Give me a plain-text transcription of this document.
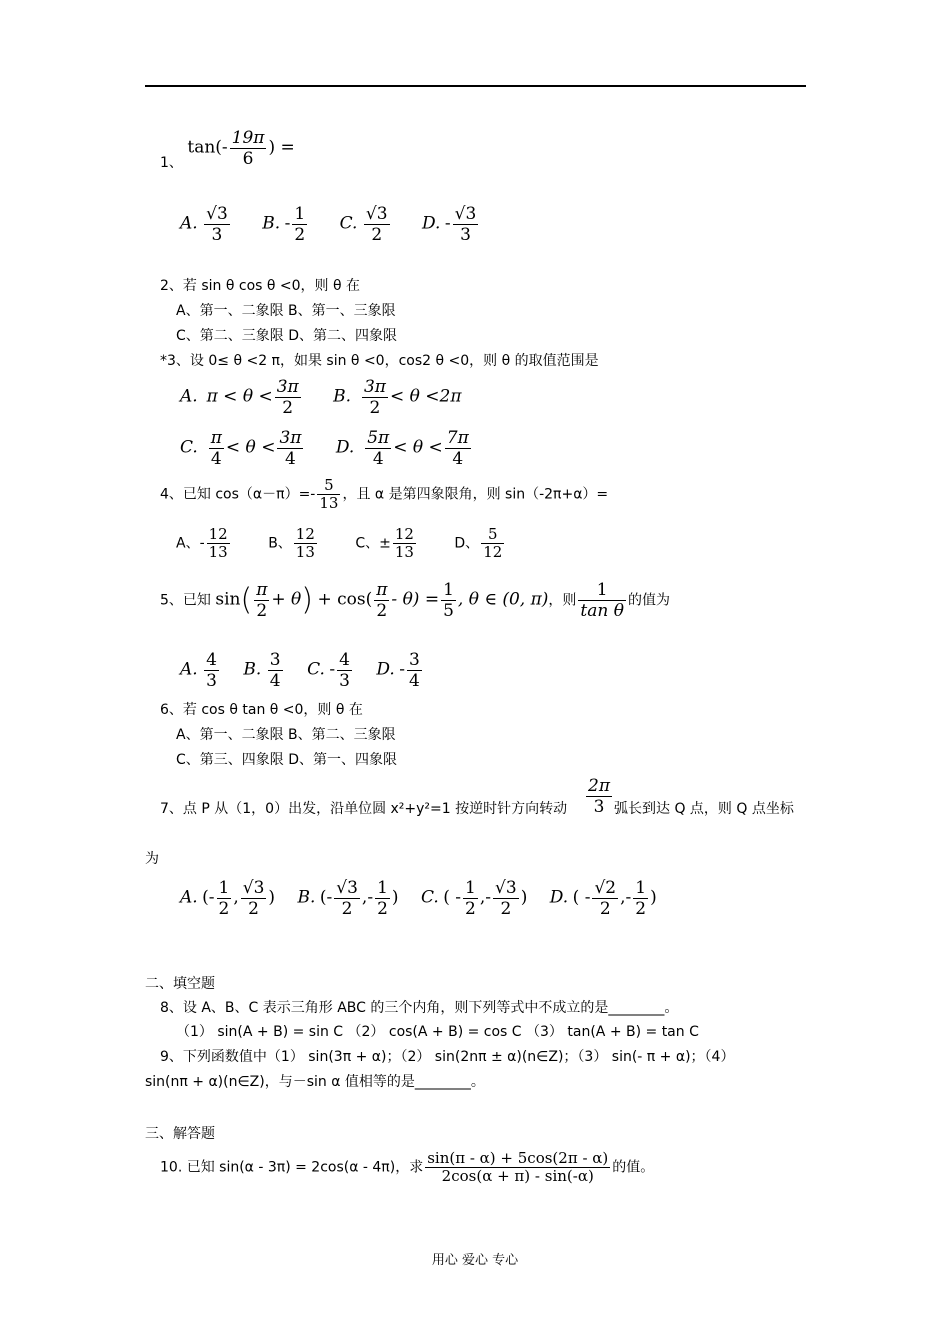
1、 $\tan(- \frac{19\pi}{6}$ ) =
A. $\frac{√3}{3} B$. - $\frac{1}{2} C$. $\frac{√3}{2} D$. - $\frac{√3}{3}$
2、若 sin θ cos θ <0，则 θ 在
A、第一、二象限 B、第一、三象限
C、第二、三象限 D、第二、四象限
*3、设 0≤ θ <2 π，如果 sin θ <0，cos2 θ <0，则 θ 的取值范围是
A. $\pi < \theta < \frac{3\pi}{2} B$. $\frac{3\pi}{2} < \theta <2\pi$
C. $\frac{\pi}{4} < \theta < \frac{3\pi}{4} D$. $\frac{5\pi}{4} < \theta < \frac{7\pi}{4}$
4、已知 $\cos(\alpha-\pi)=- \frac{5}{13}$ ，且 α 是第四象限角，则 sin（-2π+α）=
A、- $\frac{12}{13}$	B、 $\frac{12}{13}$	C、± $\frac{12}{13}$	D、 $\frac{5}{12}$
5、已知 $\sin( \frac{\pi}{2} + \theta) + \cos( \frac{\pi}{2} - \theta) = \frac{1}{5}$ , θ ∈ (0, π)，则 $\frac{1}{\text{tan θ}}$ 的值为
A. $\frac{4}{3} B$. $\frac{3}{4} C$. - $\frac{4}{3} D$. - $\frac{3}{4}$
6、若 cos θ tan θ <0，则 θ 在
A、第一、二象限 B、第二、三象限
C、第三、四象限 D、第一、四象限
7、点 P 从（1，0）出发，沿单位圆 x²+y²=1 按逆时针方向转动 $\frac{2\pi}{3}$ 弧长到达 Q 点，则 Q 点坐标
为
A. (- $\frac{1}{2}$ , $\frac{√3}{2}$ ) B. (- $\frac{√3}{2}$ ,- $\frac{1}{2}$ ) C. ( - $\frac{1}{2}$ ,- $\frac{√3}{2}$ ) D. ( - $\frac{√2}{2}$ ,- $\frac{1}{2}$ )
二、填空题
8、设 A、B、C 表示三角形 ABC 的三个内角，则下列等式中不成立的是________。
（1） sin(A + B) = sin C （2） cos(A + B) = cos C （3） tan(A + B) = tan C
9、下列函数值中（1） sin(3π + α)；（2） sin(2nπ ± α)(n∈Z)；（3） sin(- π + α)；（4）
sin(nπ + α)(n∈Z)，与－sin α 值相等的是________。
三、解答题
10. 已知 sin(α - 3π) = 2cos(α - 4π)，求 $\frac{\sin(\pi - \alpha) + 5\cos(2\pi - \alpha)}{2\cos(\alpha + \pi) - \sin(-\alpha)}$ 的值。
用心 爱心 专心
